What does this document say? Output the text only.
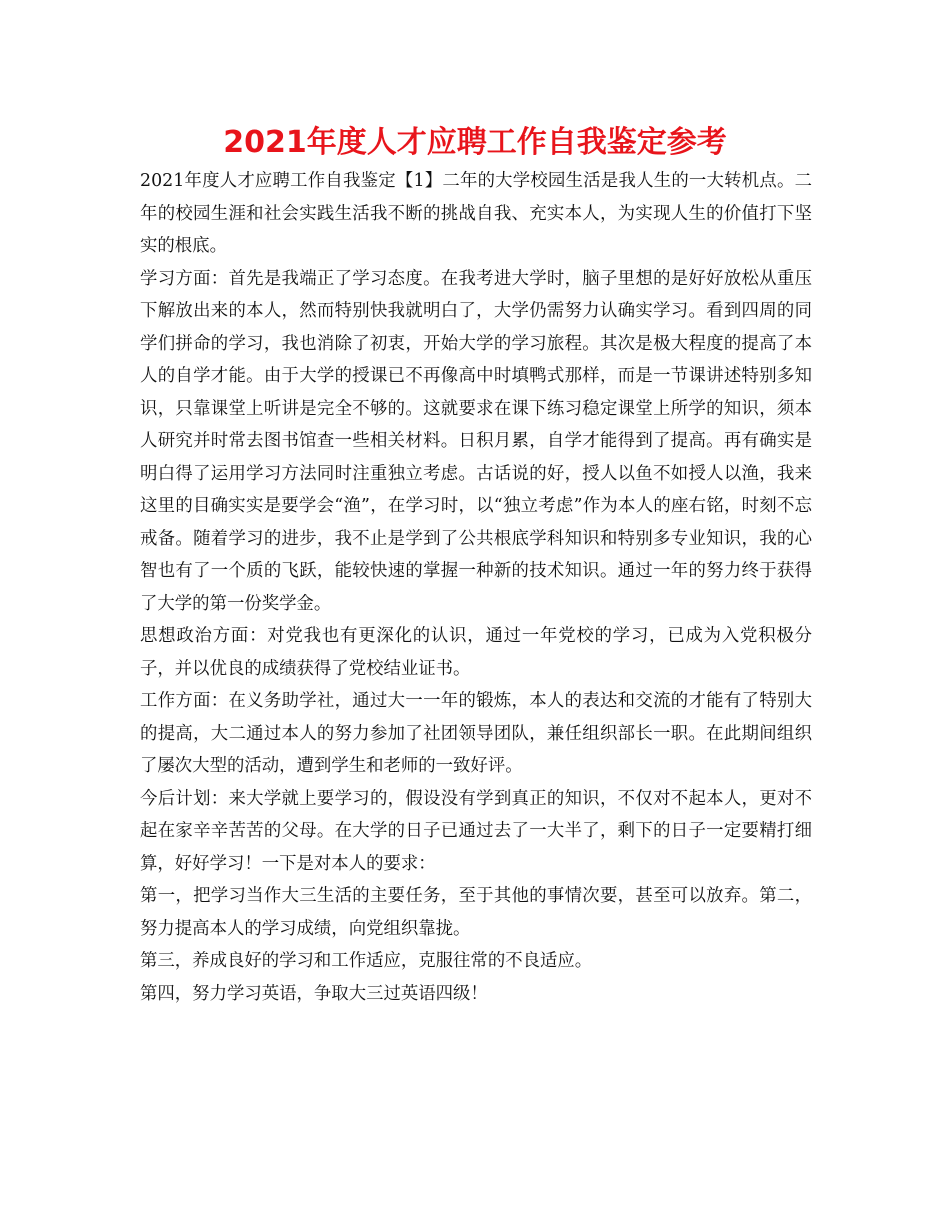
2021年度人才应聘工作自我鉴定参考

2021年度人才应聘工作自我鉴定【1】二年的大学校园生活是我人生的一大转机点。二年的校园生涯和社会实践生活我不断的挑战自我、充实本人，为实现人生的价值打下坚实的根底。

学习方面：首先是我端正了学习态度。在我考进大学时，脑子里想的是好好放松从重压下解放出来的本人，然而特别快我就明白了，大学仍需努力认确实学习。看到四周的同学们拼命的学习，我也消除了初衷，开始大学的学习旅程。其次是极大程度的提高了本人的自学才能。由于大学的授课已不再像高中时填鸭式那样，而是一节课讲述特别多知识，只靠课堂上听讲是完全不够的。这就要求在课下练习稳定课堂上所学的知识，须本人研究并时常去图书馆查一些相关材料。日积月累，自学才能得到了提高。再有确实是明白得了运用学习方法同时注重独立考虑。古话说的好，授人以鱼不如授人以渔，我来这里的目确实实是要学会“渔”，在学习时，以“独立考虑”作为本人的座右铭，时刻不忘戒备。随着学习的进步，我不止是学到了公共根底学科知识和特别多专业知识，我的心智也有了一个质的飞跃，能较快速的掌握一种新的技术知识。通过一年的努力终于获得了大学的第一份奖学金。

思想政治方面：对党我也有更深化的认识，通过一年党校的学习，已成为入党积极分子，并以优良的成绩获得了党校结业证书。

工作方面：在义务助学社，通过大一一年的锻炼，本人的表达和交流的才能有了特别大的提高，大二通过本人的努力参加了社团领导团队，兼任组织部长一职。在此期间组织了屡次大型的活动，遭到学生和老师的一致好评。

今后计划：来大学就上要学习的，假设没有学到真正的知识，不仅对不起本人，更对不起在家辛辛苦苦的父母。在大学的日子已通过去了一大半了，剩下的日子一定要精打细算，好好学习！一下是对本人的要求：

第一，把学习当作大三生活的主要任务，至于其他的事情次要，甚至可以放弃。第二，努力提高本人的学习成绩，向党组织靠拢。

第三，养成良好的学习和工作适应，克服往常的不良适应。

第四，努力学习英语，争取大三过英语四级！
